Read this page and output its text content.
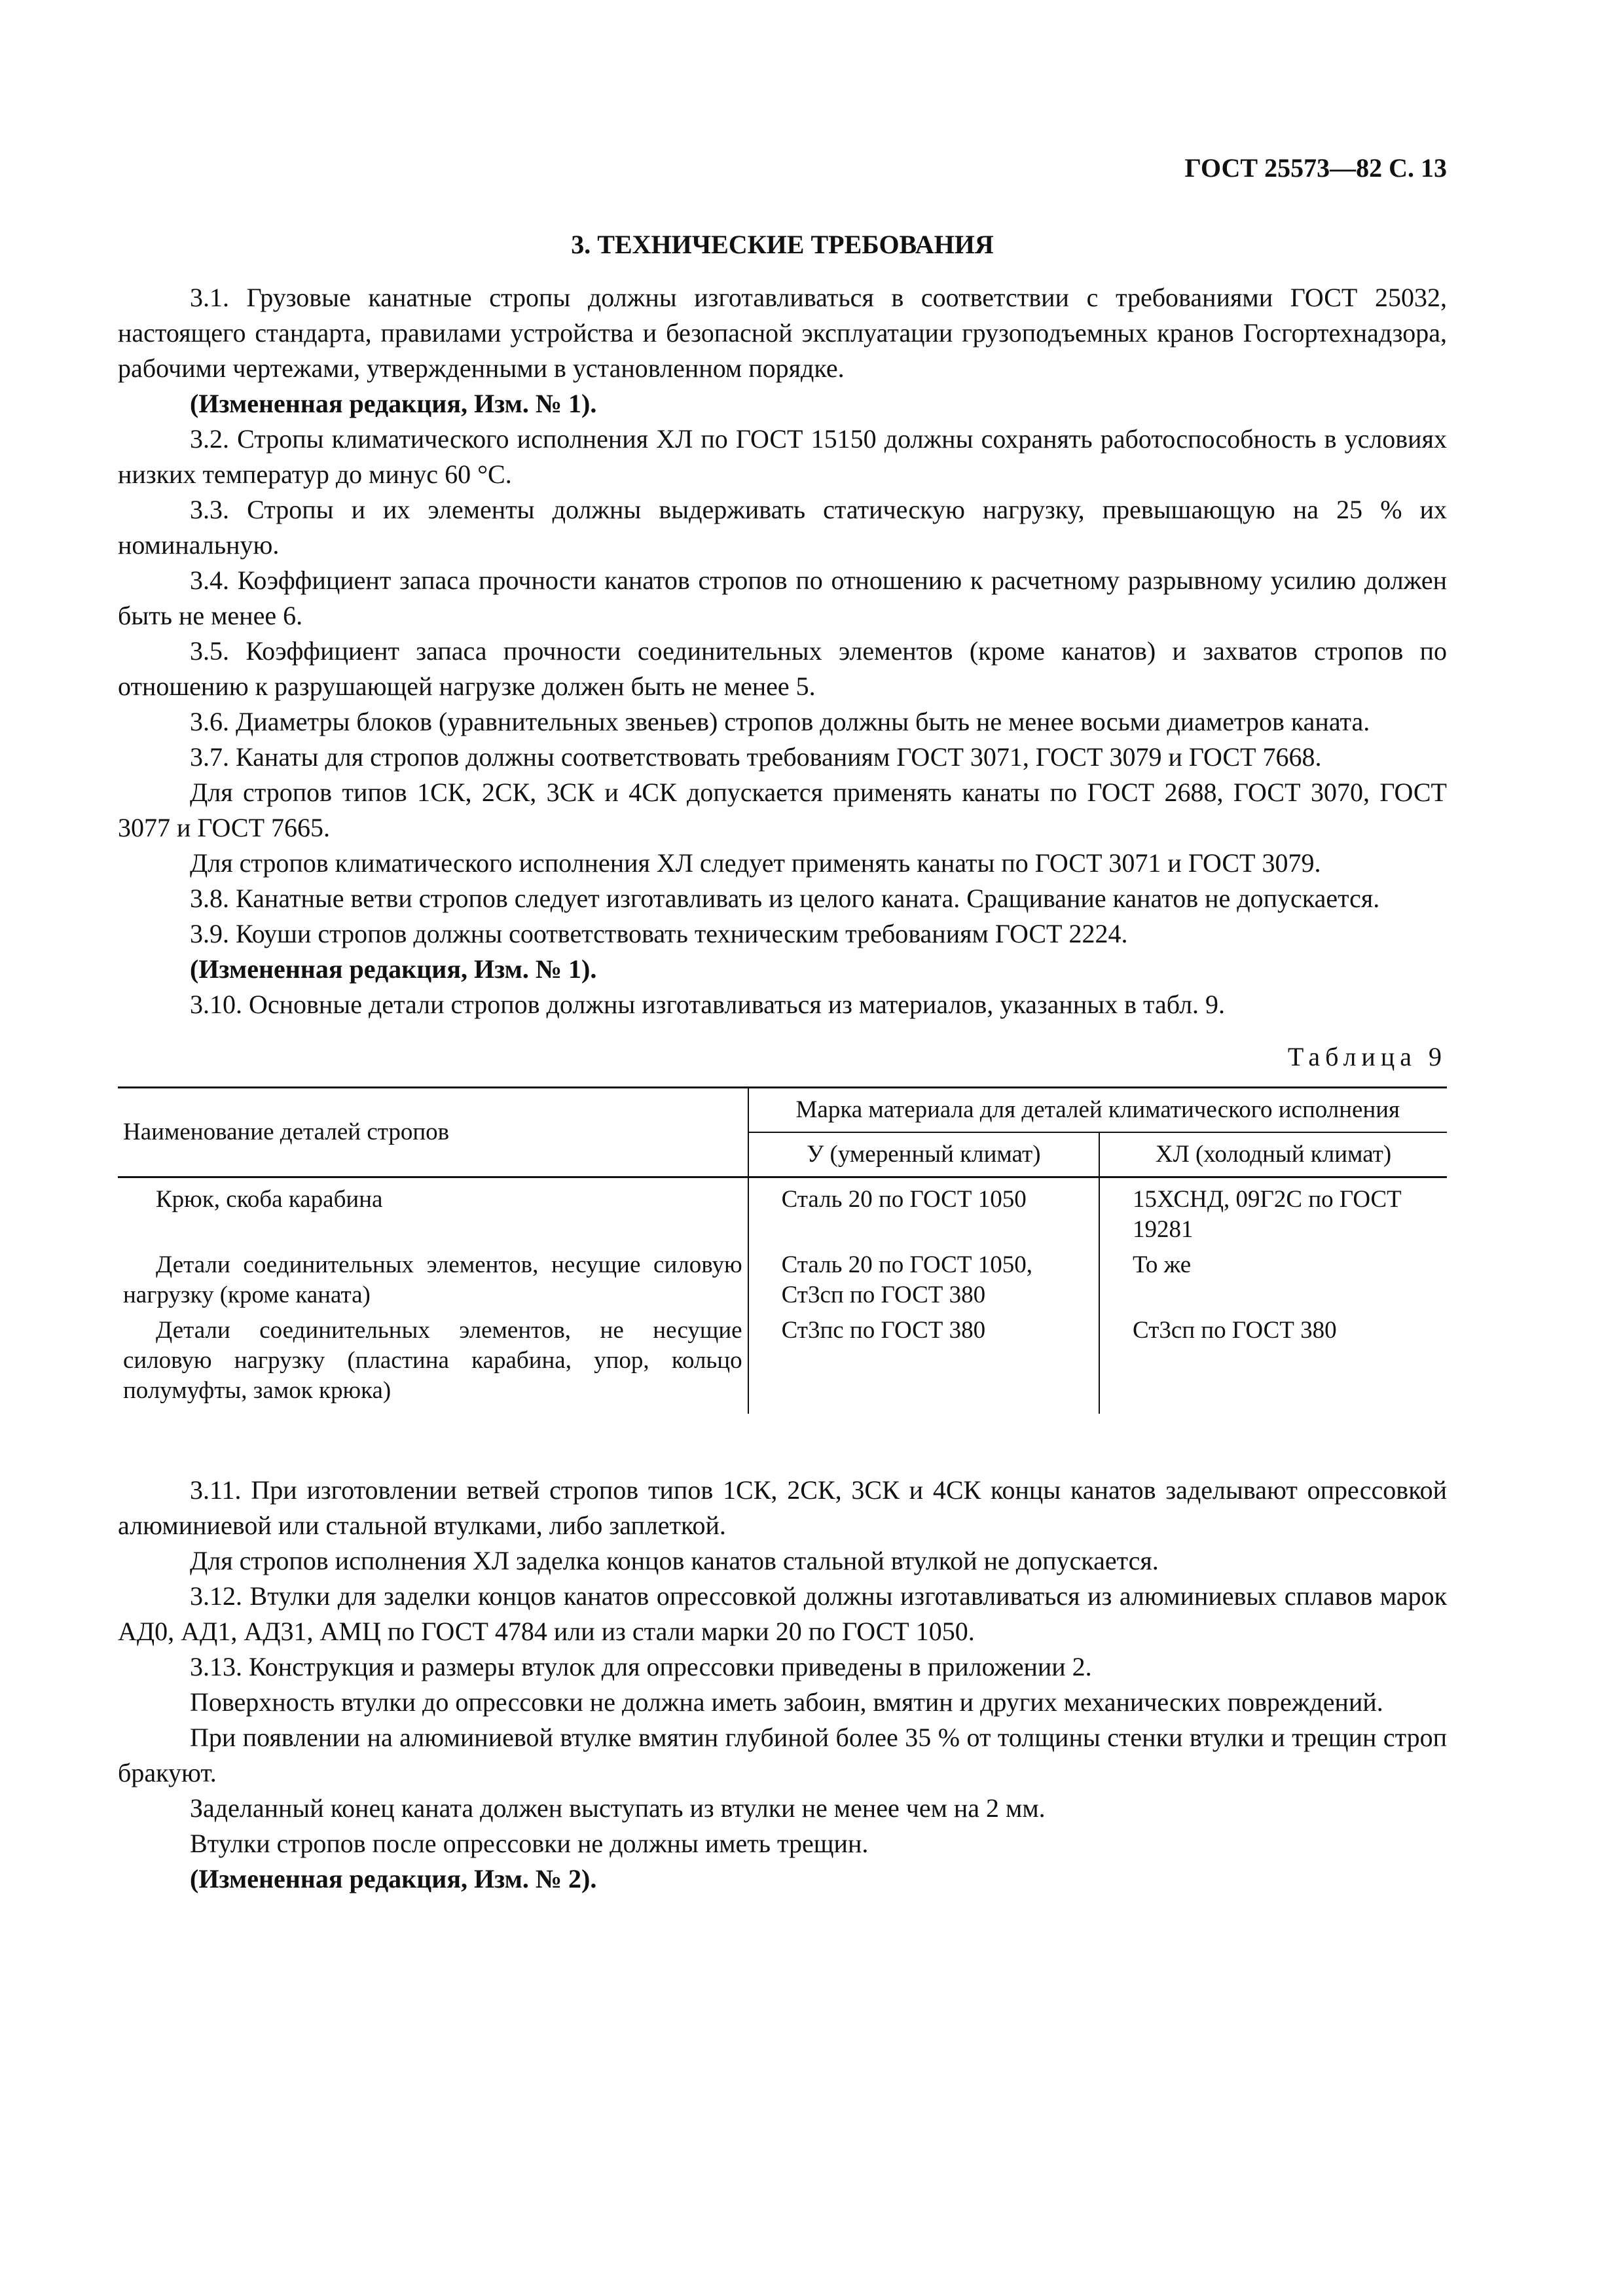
ГОСТ 25573—82 С. 13
3. ТЕХНИЧЕСКИЕ ТРЕБОВАНИЯ

3.1. Грузовые канатные стропы должны изготавливаться в соответствии с требованиями ГОСТ 25032, настоящего стандарта, правилами устройства и безопасной эксплуатации грузоподъемных кранов Госгортехнадзора, рабочими чертежами, утвержденными в установленном порядке.

(Измененная редакция, Изм. № 1).

3.2. Стропы климатического исполнения ХЛ по ГОСТ 15150 должны сохранять работоспособность в условиях низких температур до минус 60 °С.

3.3. Стропы и их элементы должны выдерживать статическую нагрузку, превышающую на 25 % их номинальную.

3.4. Коэффициент запаса прочности канатов стропов по отношению к расчетному разрывному усилию должен быть не менее 6.

3.5. Коэффициент запаса прочности соединительных элементов (кроме канатов) и захватов стропов по отношению к разрушающей нагрузке должен быть не менее 5.

3.6. Диаметры блоков (уравнительных звеньев) стропов должны быть не менее восьми диаметров каната.

3.7. Канаты для стропов должны соответствовать требованиям ГОСТ 3071, ГОСТ 3079 и ГОСТ 7668.

Для стропов типов 1СК, 2СК, 3СК и 4СК допускается применять канаты по ГОСТ 2688, ГОСТ 3070, ГОСТ 3077 и ГОСТ 7665.

Для стропов климатического исполнения ХЛ следует применять канаты по ГОСТ 3071 и ГОСТ 3079.

3.8. Канатные ветви стропов следует изготавливать из целого каната. Сращивание канатов не допускается.

3.9. Коуши стропов должны соответствовать техническим требованиям ГОСТ 2224.

(Измененная редакция, Изм. № 1).

3.10. Основные детали стропов должны изготавливаться из материалов, указанных в табл. 9.

Таблица 9
Наименование деталей стропов	Марка материала для деталей климатического исполнения	
	У (умеренный климат)	ХЛ (холодный климат)

Крюк, скоба карабина	Сталь 20 по ГОСТ 1050	15ХСНД, 09Г2С по ГОСТ 19281

Детали соединительных элементов, несущие силовую нагрузку (кроме каната)	Сталь 20 по ГОСТ 1050, Ст3сп по ГОСТ 380	То же

Детали соединительных элементов, не несущие силовую нагрузку (пластина карабина, упор, кольцо полумуфты, замок крюка)	Ст3пс по ГОСТ 380	Ст3сп по ГОСТ 380

3.11. При изготовлении ветвей стропов типов 1СК, 2СК, 3СК и 4СК концы канатов заделывают опрессовкой алюминиевой или стальной втулками, либо заплеткой.

Для стропов исполнения ХЛ заделка концов канатов стальной втулкой не допускается.

3.12. Втулки для заделки концов канатов опрессовкой должны изготавливаться из алюминиевых сплавов марок АД0, АД1, АД31, АМЦ по ГОСТ 4784 или из стали марки 20 по ГОСТ 1050.

3.13. Конструкция и размеры втулок для опрессовки приведены в приложении 2.

Поверхность втулки до опрессовки не должна иметь забоин, вмятин и других механических повреждений.

При появлении на алюминиевой втулке вмятин глубиной более 35 % от толщины стенки втулки и трещин строп бракуют.

Заделанный конец каната должен выступать из втулки не менее чем на 2 мм.

Втулки стропов после опрессовки не должны иметь трещин.

(Измененная редакция, Изм. № 2).
